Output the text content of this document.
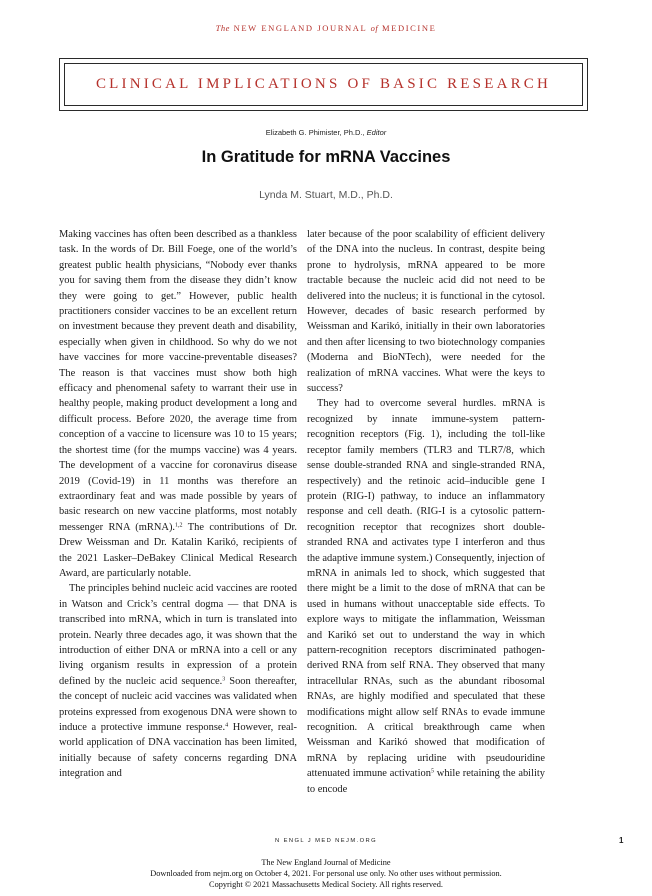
The NEW ENGLAND JOURNAL of MEDICINE
CLINICAL IMPLICATIONS OF BASIC RESEARCH
Elizabeth G. Phimister, Ph.D., Editor
In Gratitude for mRNA Vaccines
Lynda M. Stuart, M.D., Ph.D.

Making vaccines has often been described as a thankless task. In the words of Dr. Bill Foege, one of the world’s greatest public health physicians, “Nobody ever thanks you for saving them from the disease they didn’t know they were going to get.” However, public health practitioners consider vaccines to be an excellent return on investment because they prevent death and disability, especially when given in childhood. So why do we not have vaccines for more vaccine-preventable diseases? The reason is that vaccines must show both high efficacy and phenomenal safety to warrant their use in healthy people, making product development a long and difficult process. Before 2020, the average time from conception of a vaccine to licensure was 10 to 15 years; the shortest time (for the mumps vaccine) was 4 years. The development of a vaccine for coronavirus disease 2019 (Covid-19) in 11 months was therefore an extraordinary feat and was made possible by years of basic research on new vaccine platforms, most notably messenger RNA (mRNA).$^{1,2}$ The contributions of Dr. Drew Weissman and Dr. Katalin Karikó, recipients of the 2021 Lasker–DeBakey Clinical Medical Research Award, are particularly notable.

The principles behind nucleic acid vaccines are rooted in Watson and Crick’s central dogma — that DNA is transcribed into mRNA, which in turn is translated into protein. Nearly three decades ago, it was shown that the introduction of either DNA or mRNA into a cell or any living organism results in expression of a protein defined by the nucleic acid sequence.$^3$ Soon thereafter, the concept of nucleic acid vaccines was validated when proteins expressed from exogenous DNA were shown to induce a protective immune response.$^4$ However, real-world application of DNA vaccination has been limited, initially because of safety concerns regarding DNA integration and

later because of the poor scalability of efficient delivery of the DNA into the nucleus. In contrast, despite being prone to hydrolysis, mRNA appeared to be more tractable because the nucleic acid did not need to be delivered into the nucleus; it is functional in the cytosol. However, decades of basic research performed by Weissman and Karikó, initially in their own laboratories and then after licensing to two biotechnology companies (Moderna and BioNTech), were needed for the realization of mRNA vaccines. What were the keys to success?

They had to overcome several hurdles. mRNA is recognized by innate immune-system pattern-recognition receptors (Fig. 1), including the toll-like receptor family members (TLR3 and TLR7/8, which sense double-stranded RNA and single-stranded RNA, respectively) and the retinoic acid–inducible gene I protein (RIG-I) pathway, to induce an inflammatory response and cell death. (RIG-I is a cytosolic pattern-recognition receptor that recognizes short double-stranded RNA and activates type I interferon and thus the adaptive immune system.) Consequently, injection of mRNA in animals led to shock, which suggested that there might be a limit to the dose of mRNA that can be used in humans without unacceptable side effects. To explore ways to mitigate the inflammation, Weissman and Karikó set out to understand the way in which pattern-recognition receptors discriminated pathogen-derived RNA from self RNA. They observed that many intracellular RNAs, such as the abundant ribosomal RNAs, are highly modified and speculated that these modifications might allow self RNAs to evade immune recognition. A critical breakthrough came when Weissman and Karikó showed that modification of mRNA by replacing uridine with pseudouridine attenuated immune activation$^5$ while retaining the ability to encode

N ENGL J MED NEJM.ORG	1
The New England Journal of Medicine
Downloaded from nejm.org on October 4, 2021. For personal use only. No other uses without permission.
Copyright © 2021 Massachusetts Medical Society. All rights reserved.
